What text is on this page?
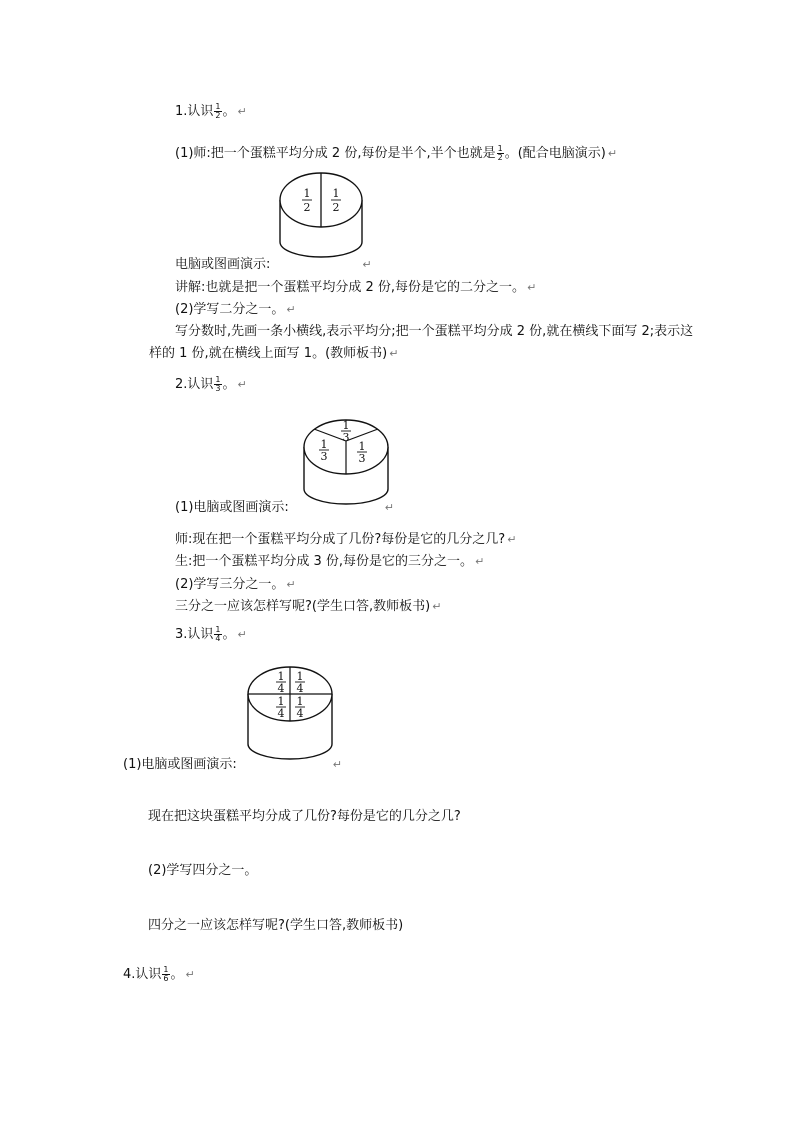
1.认识 $\frac{1}{2}$ 。 ↵
(1)师:把一个蛋糕平均分成 2 份,每份是半个,半个也就是 $\frac{1}{2}$ 。(配合电脑演示) ↵
1
2
1
2
电脑或图画演示:	↵
讲解:也就是把一个蛋糕平均分成 2 份,每份是它的二分之一。 ↵
(2)学写二分之一。 ↵
写分数时,先画一条小横线,表示平均分;把一个蛋糕平均分成 2 份,就在横线下面写 2;表示这
样的 1 份,就在横线上面写 1。(教师板书) ↵
2.认识 $\frac{1}{3}$ 。 ↵
1
3
1
3
1
3
(1)电脑或图画演示:	↵
师:现在把一个蛋糕平均分成了几份?每份是它的几分之几? ↵
生:把一个蛋糕平均分成 3 份,每份是它的三分之一。 ↵
(2)学写三分之一。 ↵
三分之一应该怎样写呢?(学生口答,教师板书) ↵
3.认识 $\frac{1}{4}$ 。 ↵
1
4
1
4
1
4
1
4
(1)电脑或图画演示:	↵
现在把这块蛋糕平均分成了几份?每份是它的几分之几?
(2)学写四分之一。
四分之一应该怎样写呢?(学生口答,教师板书)
4.认识 $\frac{1}{6}$ 。 ↵
